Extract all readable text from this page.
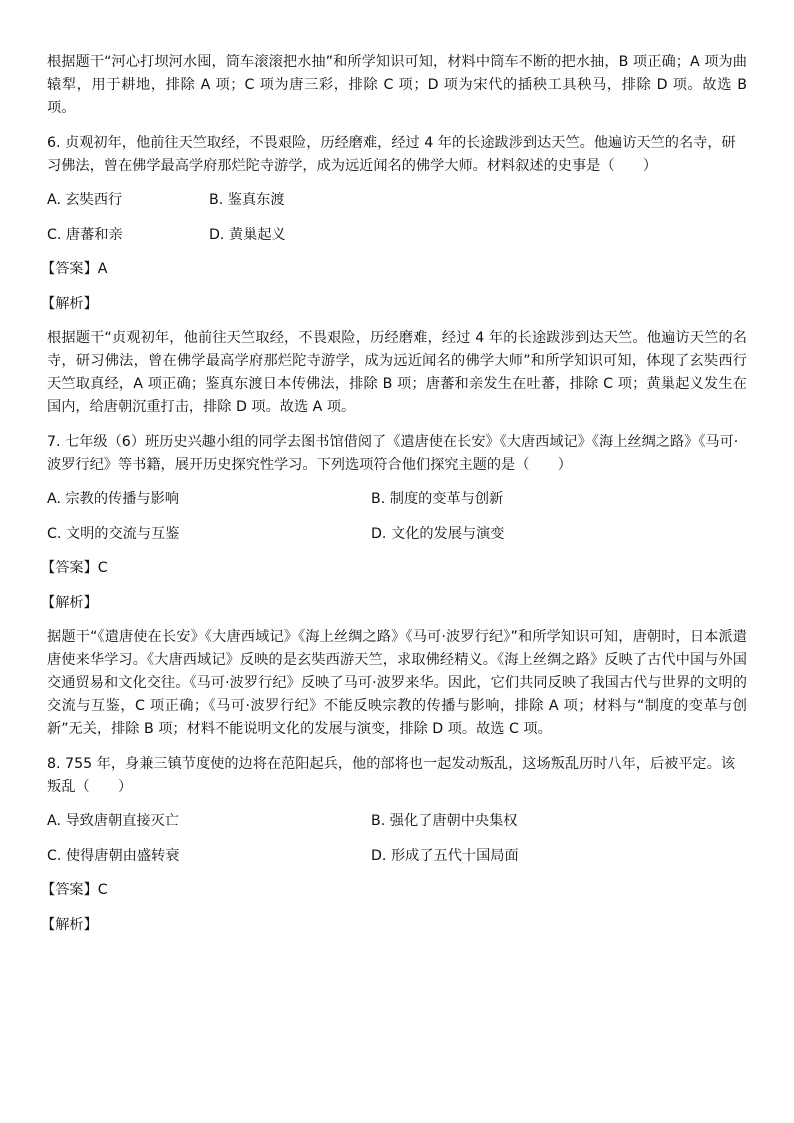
根据题干“河心打坝河水囤，筒车滚滚把水抽”和所学知识可知，材料中筒车不断的把水抽，B 项正确；A 项为曲辕犁，用于耕地，排除 A 项；C 项为唐三彩，排除 C 项；D 项为宋代的插秧工具秧马，排除 D 项。故选 B 项。
6. 贞观初年，他前往天竺取经，不畏艰险，历经磨难，经过 4 年的长途跋涉到达天竺。他遍访天竺的名寺，研习佛法，曾在佛学最高学府那烂陀寺游学，成为远近闻名的佛学大师。材料叙述的史事是（　　）
A. 玄奘西行	B. 鉴真东渡
C. 唐蕃和亲	D. 黄巢起义
【答案】A
【解析】
根据题干“贞观初年，他前往天竺取经，不畏艰险，历经磨难，经过 4 年的长途跋涉到达天竺。他遍访天竺的名寺，研习佛法，曾在佛学最高学府那烂陀寺游学，成为远近闻名的佛学大师”和所学知识可知，体现了玄奘西行天竺取真经，A 项正确；鉴真东渡日本传佛法，排除 B 项；唐蕃和亲发生在吐蕃，排除 C 项；黄巢起义发生在国内，给唐朝沉重打击，排除 D 项。故选 A 项。
7. 七年级（6）班历史兴趣小组的同学去图书馆借阅了《遣唐使在长安》《大唐西域记》《海上丝绸之路》《马可·波罗行纪》等书籍，展开历史探究性学习。下列选项符合他们探究主题的是（　　）
A. 宗教的传播与影响	B. 制度的变革与创新
C. 文明的交流与互鉴	D. 文化的发展与演变
【答案】C
【解析】
据题干“《遣唐使在长安》《大唐西域记》《海上丝绸之路》《马可·波罗行纪》”和所学知识可知，唐朝时，日本派遣唐使来华学习。《大唐西域记》反映的是玄奘西游天竺，求取佛经精义。《海上丝绸之路》反映了古代中国与外国交通贸易和文化交往。《马可·波罗行纪》反映了马可·波罗来华。因此，它们共同反映了我国古代与世界的文明的交流与互鉴，C 项正确；《马可·波罗行纪》不能反映宗教的传播与影响，排除 A 项；材料与“制度的变革与创新”无关，排除 B 项；材料不能说明文化的发展与演变，排除 D 项。故选 C 项。
8. 755 年，身兼三镇节度使的边将在范阳起兵，他的部将也一起发动叛乱，这场叛乱历时八年，后被平定。该叛乱（　　）
A. 导致唐朝直接灭亡	B. 强化了唐朝中央集权
C. 使得唐朝由盛转衰	D. 形成了五代十国局面
【答案】C
【解析】
